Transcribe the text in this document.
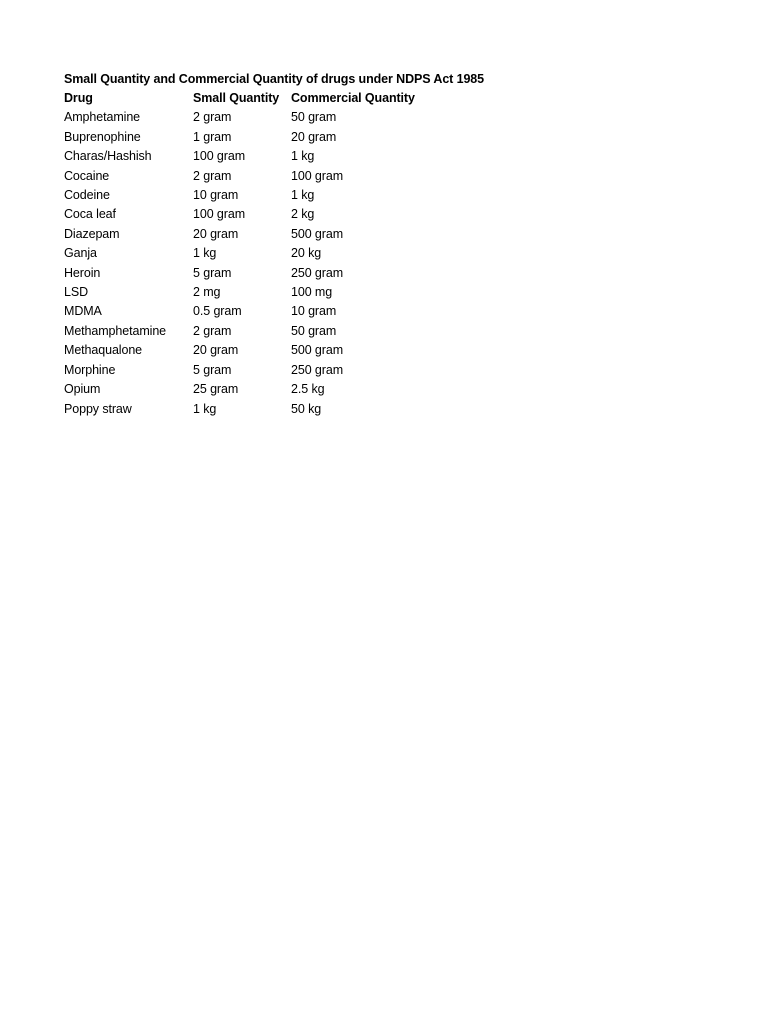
Small Quantity and Commercial Quantity of drugs under NDPS Act 1985
Drug	Small Quantity	Commercial Quantity
Amphetamine	2 gram	50 gram
Buprenophine	1 gram	20 gram
Charas/Hashish	100 gram	1 kg
Cocaine	2 gram	100 gram
Codeine	10 gram	1 kg
Coca leaf	100 gram	2 kg
Diazepam	20 gram	500 gram
Ganja	1 kg	20 kg
Heroin	5 gram	250 gram
LSD	2 mg	100 mg
MDMA	0.5 gram	10 gram
Methamphetamine	2 gram	50 gram
Methaqualone	20 gram	500 gram
Morphine	5 gram	250 gram
Opium	25 gram	2.5 kg
Poppy straw	1 kg	50 kg
